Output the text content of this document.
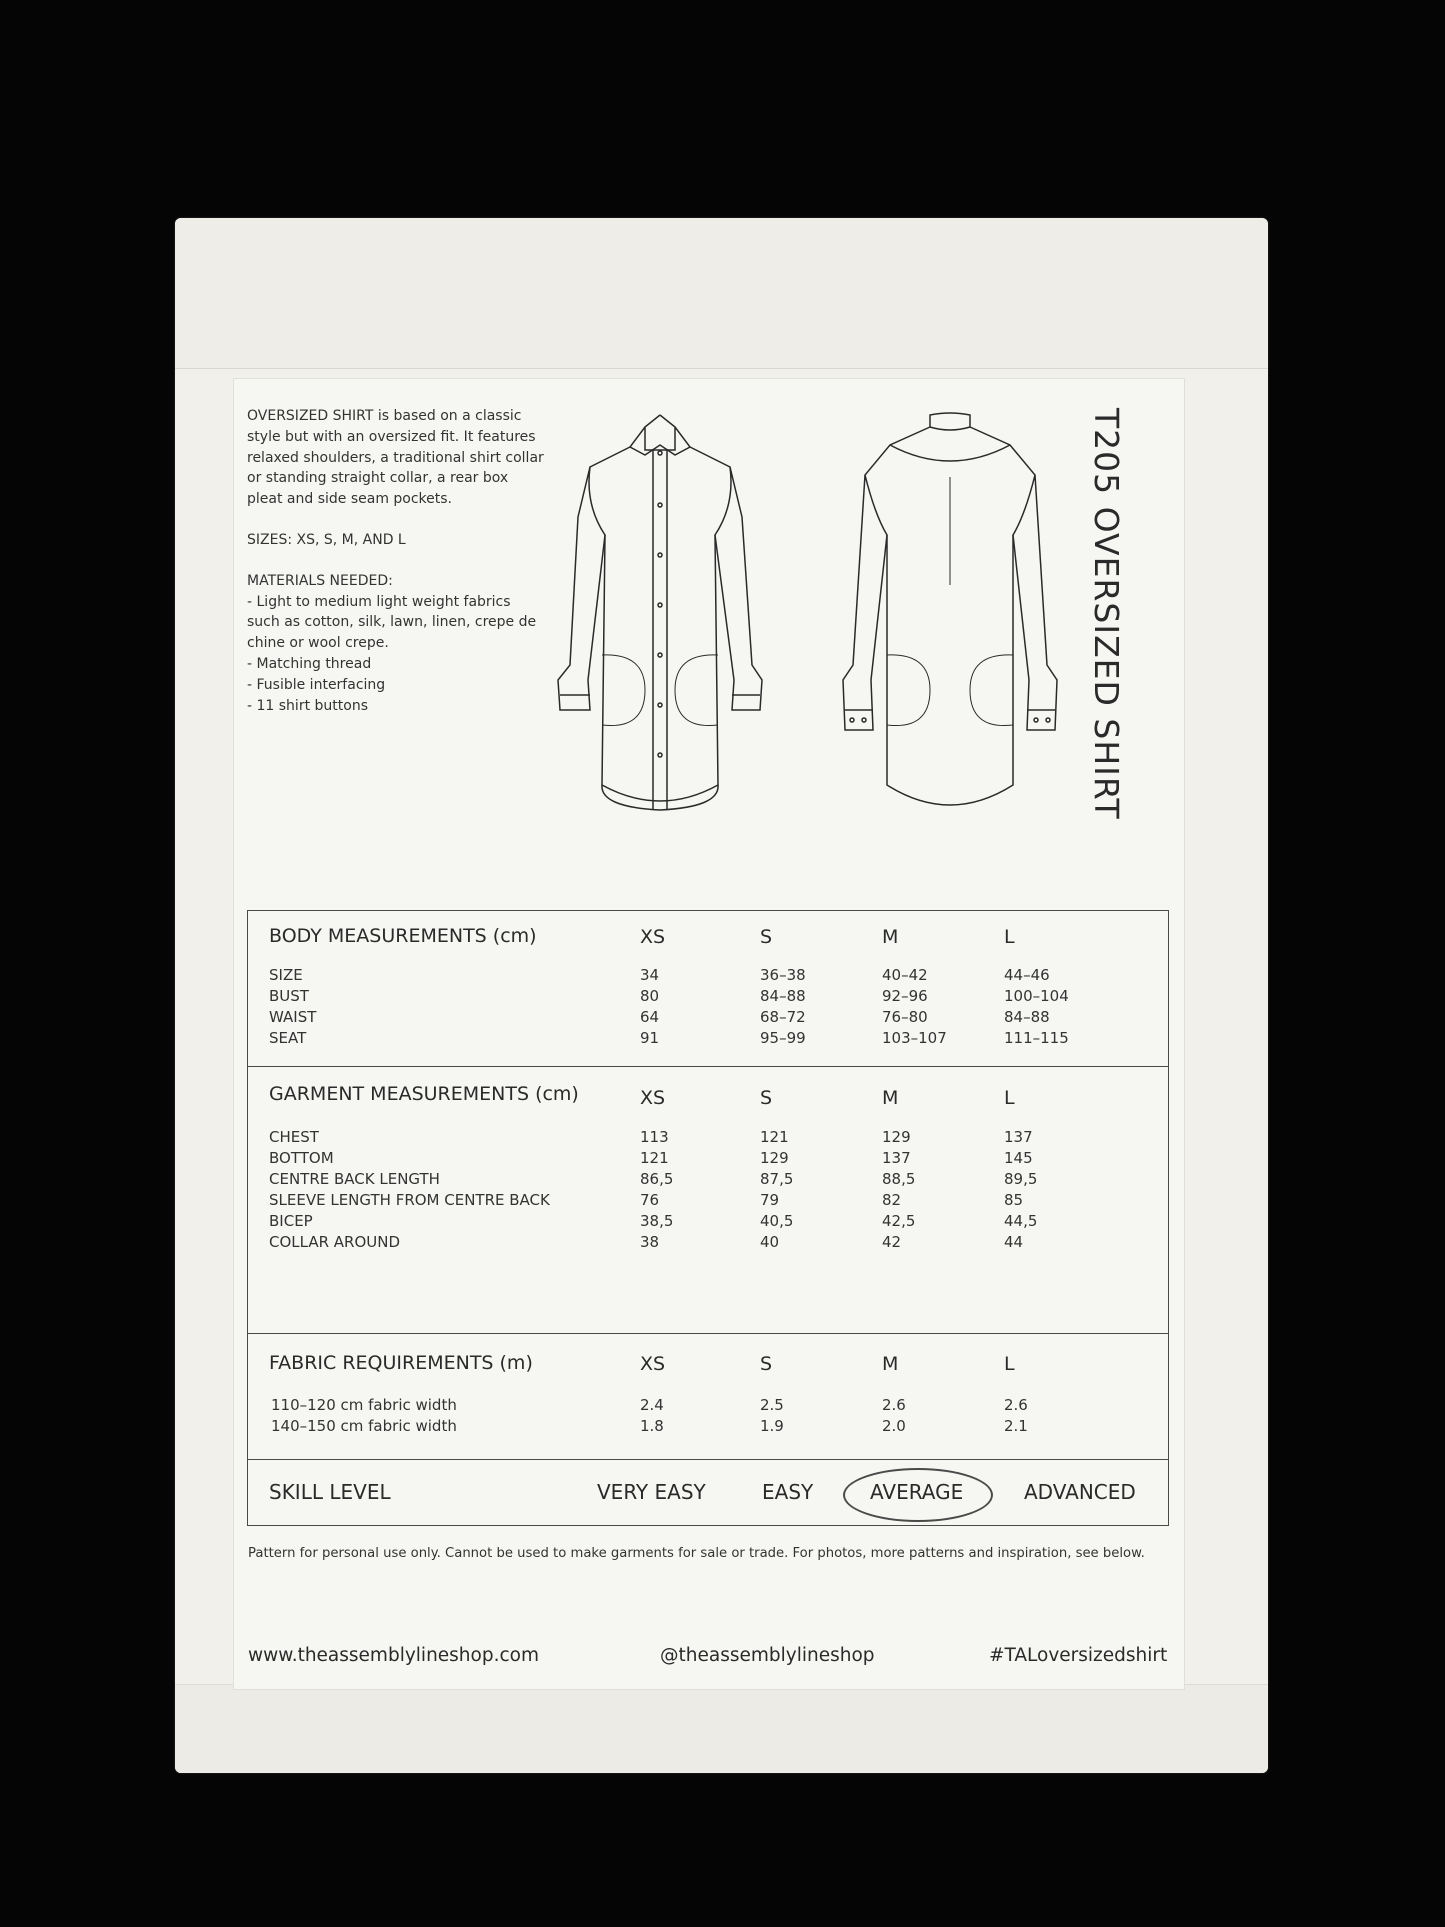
OVERSIZED SHIRT is based on a classic style but with an oversized fit. It features relaxed shoulders, a traditional shirt collar or standing straight collar, a rear box pleat and side seam pockets.

SIZES: XS, S, M, AND L

MATERIALS NEEDED:
- Light to medium light weight fabrics such as cotton, silk, lawn, linen, crepe de chine or wool crepe.
- Matching thread
- Fusible interfacing
- 11 shirt buttons	T205 OVERSIZED SHIRT
BODY MEASUREMENTS (cm)	XS	S	M	L
SIZE	34	36–38	40–42	44–46
BUST	80	84–88	92–96	100–104
WAIST	64	68–72	76–80	84–88
SEAT	91	95–99	103–107	111–115
GARMENT MEASUREMENTS (cm)	XS	S	M	L
CHEST	113	121	129	137
BOTTOM	121	129	137	145
CENTRE BACK LENGTH	86,5	87,5	88,5	89,5
SLEEVE LENGTH FROM CENTRE BACK	76	79	82	85
BICEP	38,5	40,5	42,5	44,5
COLLAR AROUND	38	40	42	44
FABRIC REQUIREMENTS (m)	XS	S	M	L
110–120 cm fabric width	2.4	2.5	2.6	2.6
140–150 cm fabric width	1.8	1.9	2.0	2.1
SKILL LEVEL	VERY EASY	EASY	AVERAGE	ADVANCED
Pattern for personal use only. Cannot be used to make garments for sale or trade. For photos, more patterns and inspiration, see below.
www.theassemblylineshop.com	@theassemblylineshop	#TALoversizedshirt
